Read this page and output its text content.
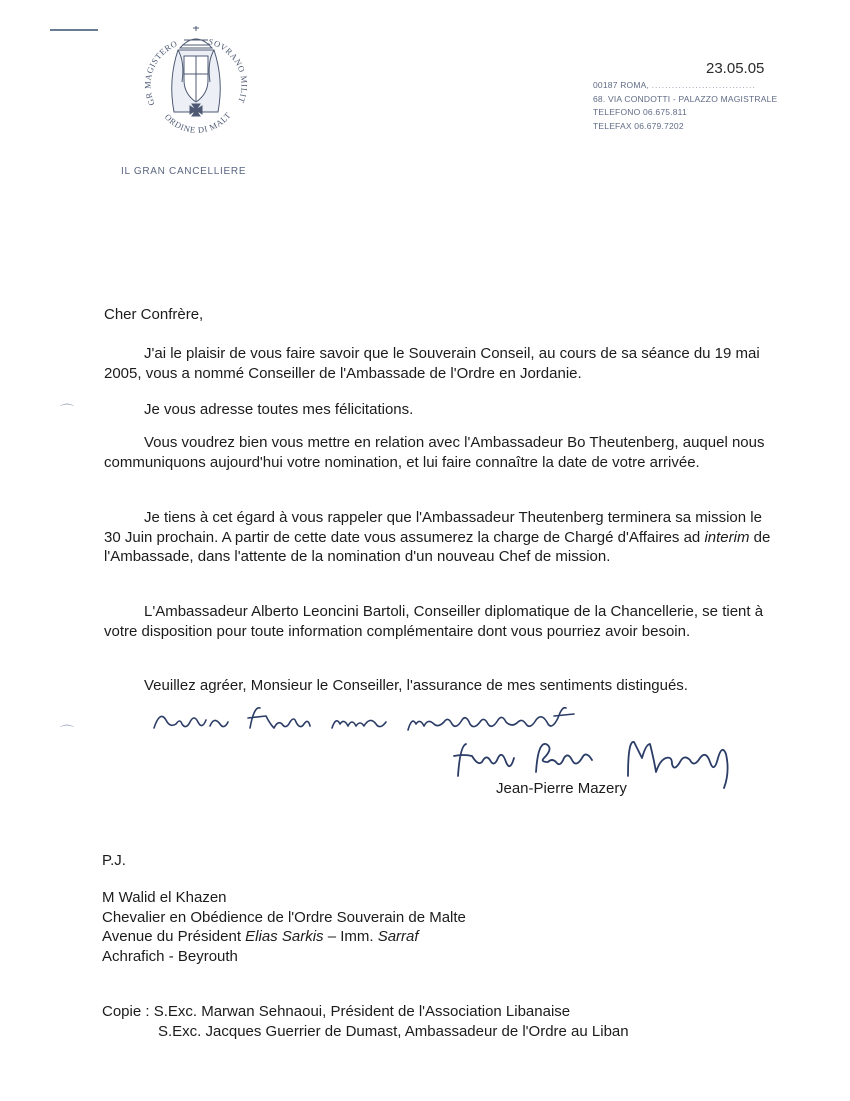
⌒
⌒
GR MAGISTERO	SOVRANO MILIT
ORDINE DI MALT
IL GRAN CANCELLIERE
23.05.05
00187 ROMA, ...............................
68. VIA CONDOTTI - PALAZZO MAGISTRALE
TELEFONO 06.675.811
TELEFAX 06.679.7202
Cher Confrère,

J'ai le plaisir de vous faire savoir que le Souverain Conseil, au cours de sa séance du 19 mai 2005, vous a nommé Conseiller de l'Ambassade de l'Ordre en Jordanie.

Je vous adresse toutes mes félicitations.

Vous voudrez bien vous mettre en relation avec l'Ambassadeur Bo Theutenberg, auquel nous communiquons aujourd'hui votre nomination, et lui faire connaître la date de votre arrivée.

Je tiens à cet égard à vous rappeler que l'Ambassadeur Theutenberg terminera sa mission le 30 Juin prochain. A partir de cette date vous assumerez la charge de Chargé d'Affaires ad interim de l'Ambassade, dans l'attente de la nomination d'un nouveau Chef de mission.

L'Ambassadeur Alberto Leoncini Bartoli, Conseiller diplomatique de la Chancellerie, se tient à votre disposition pour toute information complémentaire dont vous pourriez avoir besoin.

Veuillez agréer, Monsieur le Conseiller, l'assurance de mes sentiments distingués.

Jean-Pierre Mazery
P.J.
M Walid el Khazen
Chevalier en Obédience de l'Ordre Souverain de Malte
Avenue du Président Elias Sarkis – Imm. Sarraf
Achrafich - Beyrouth
Copie : S.Exc. Marwan Sehnaoui, Président de l'Association Libanaise
S.Exc. Jacques Guerrier de Dumast, Ambassadeur de l'Ordre au Liban
